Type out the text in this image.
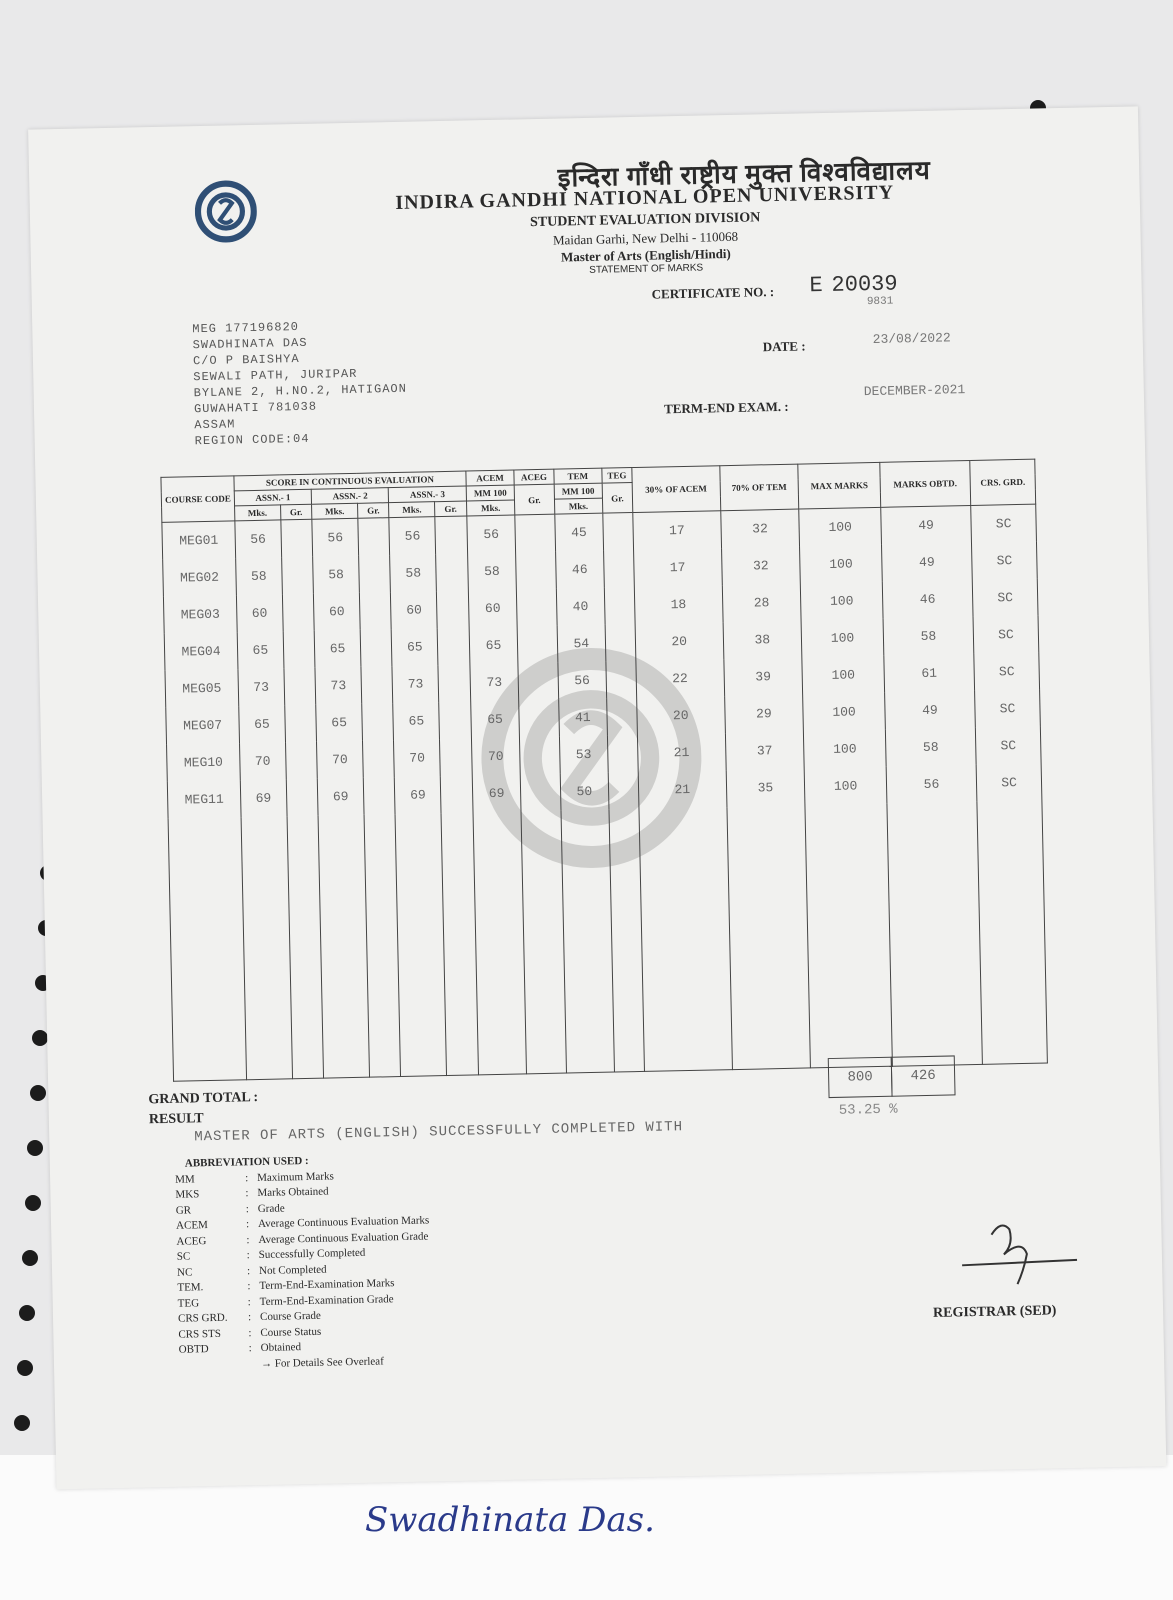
इन्दिरा गाँधी राष्ट्रीय मुक्त विश्वविद्यालय
INDIRA GANDHI NATIONAL OPEN UNIVERSITY
STUDENT EVALUATION DIVISION
Maidan Garhi, New Delhi - 110068
Master of Arts (English/Hindi)
STATEMENT OF MARKS
CERTIFICATE NO. : E 20039
9831
DATE :	23/08/2022
TERM-END EXAM. :
DECEMBER-2021
MEG 177196820
SWADHINATA DAS
C/O P BAISHYA
SEWALI PATH, JURIPAR
BYLANE 2, H.NO.2, HATIGAON
GUWAHATI 781038
ASSAM
REGION CODE:04
COURSE CODE	SCORE IN CONTINUOUS EVALUATION						ACEM	ACEG	TEM	TEG	30% OF ACEM	70% OF TEM	MAX MARKS	MARKS OBTD.	CRS. GRD.
	ASSN.- 1		ASSN.- 2		ASSN.- 3		MM 100	Gr.	MM 100	Gr.					
	Mks.	Gr.	Mks.	Gr.	Mks.	Gr.	Mks.		Mks.						
MEG01	56		56		56		56		45		17	32	100	49	SC
MEG02	58		58		58		58		46		17	32	100	49	SC
MEG03	60		60		60		60		40		18	28	100	46	SC
MEG04	65		65		65		65		54		20	38	100	58	SC
MEG05	73		73		73		73		56		22	39	100	61	SC
MEG07	65		65		65		65		41		20	29	100	49	SC
MEG10	70		70		70		70		53		21	37	100	58	SC
MEG11	69		69		69		69		50		21	35	100	56	SC

GRAND TOTAL :
800	426
RESULT
MASTER OF ARTS (ENGLISH) SUCCESSFULLY COMPLETED WITH
53.25 %
ABBREVIATION USED :
MM	: Maximum Marks
MKS	: Marks Obtained
GR	: Grade
ACEM	: Average Continuous Evaluation Marks
ACEG	: Average Continuous Evaluation Grade
SC	: Successfully Completed
NC	: Not Completed
TEM.	: Term-End-Examination Marks
TEG	: Term-End-Examination Grade
CRS GRD.	: Course Grade
CRS STS	: Course Status
OBTD	: Obtained
→ For Details See Overleaf
REGISTRAR (SED)
Swadhinata Das.
